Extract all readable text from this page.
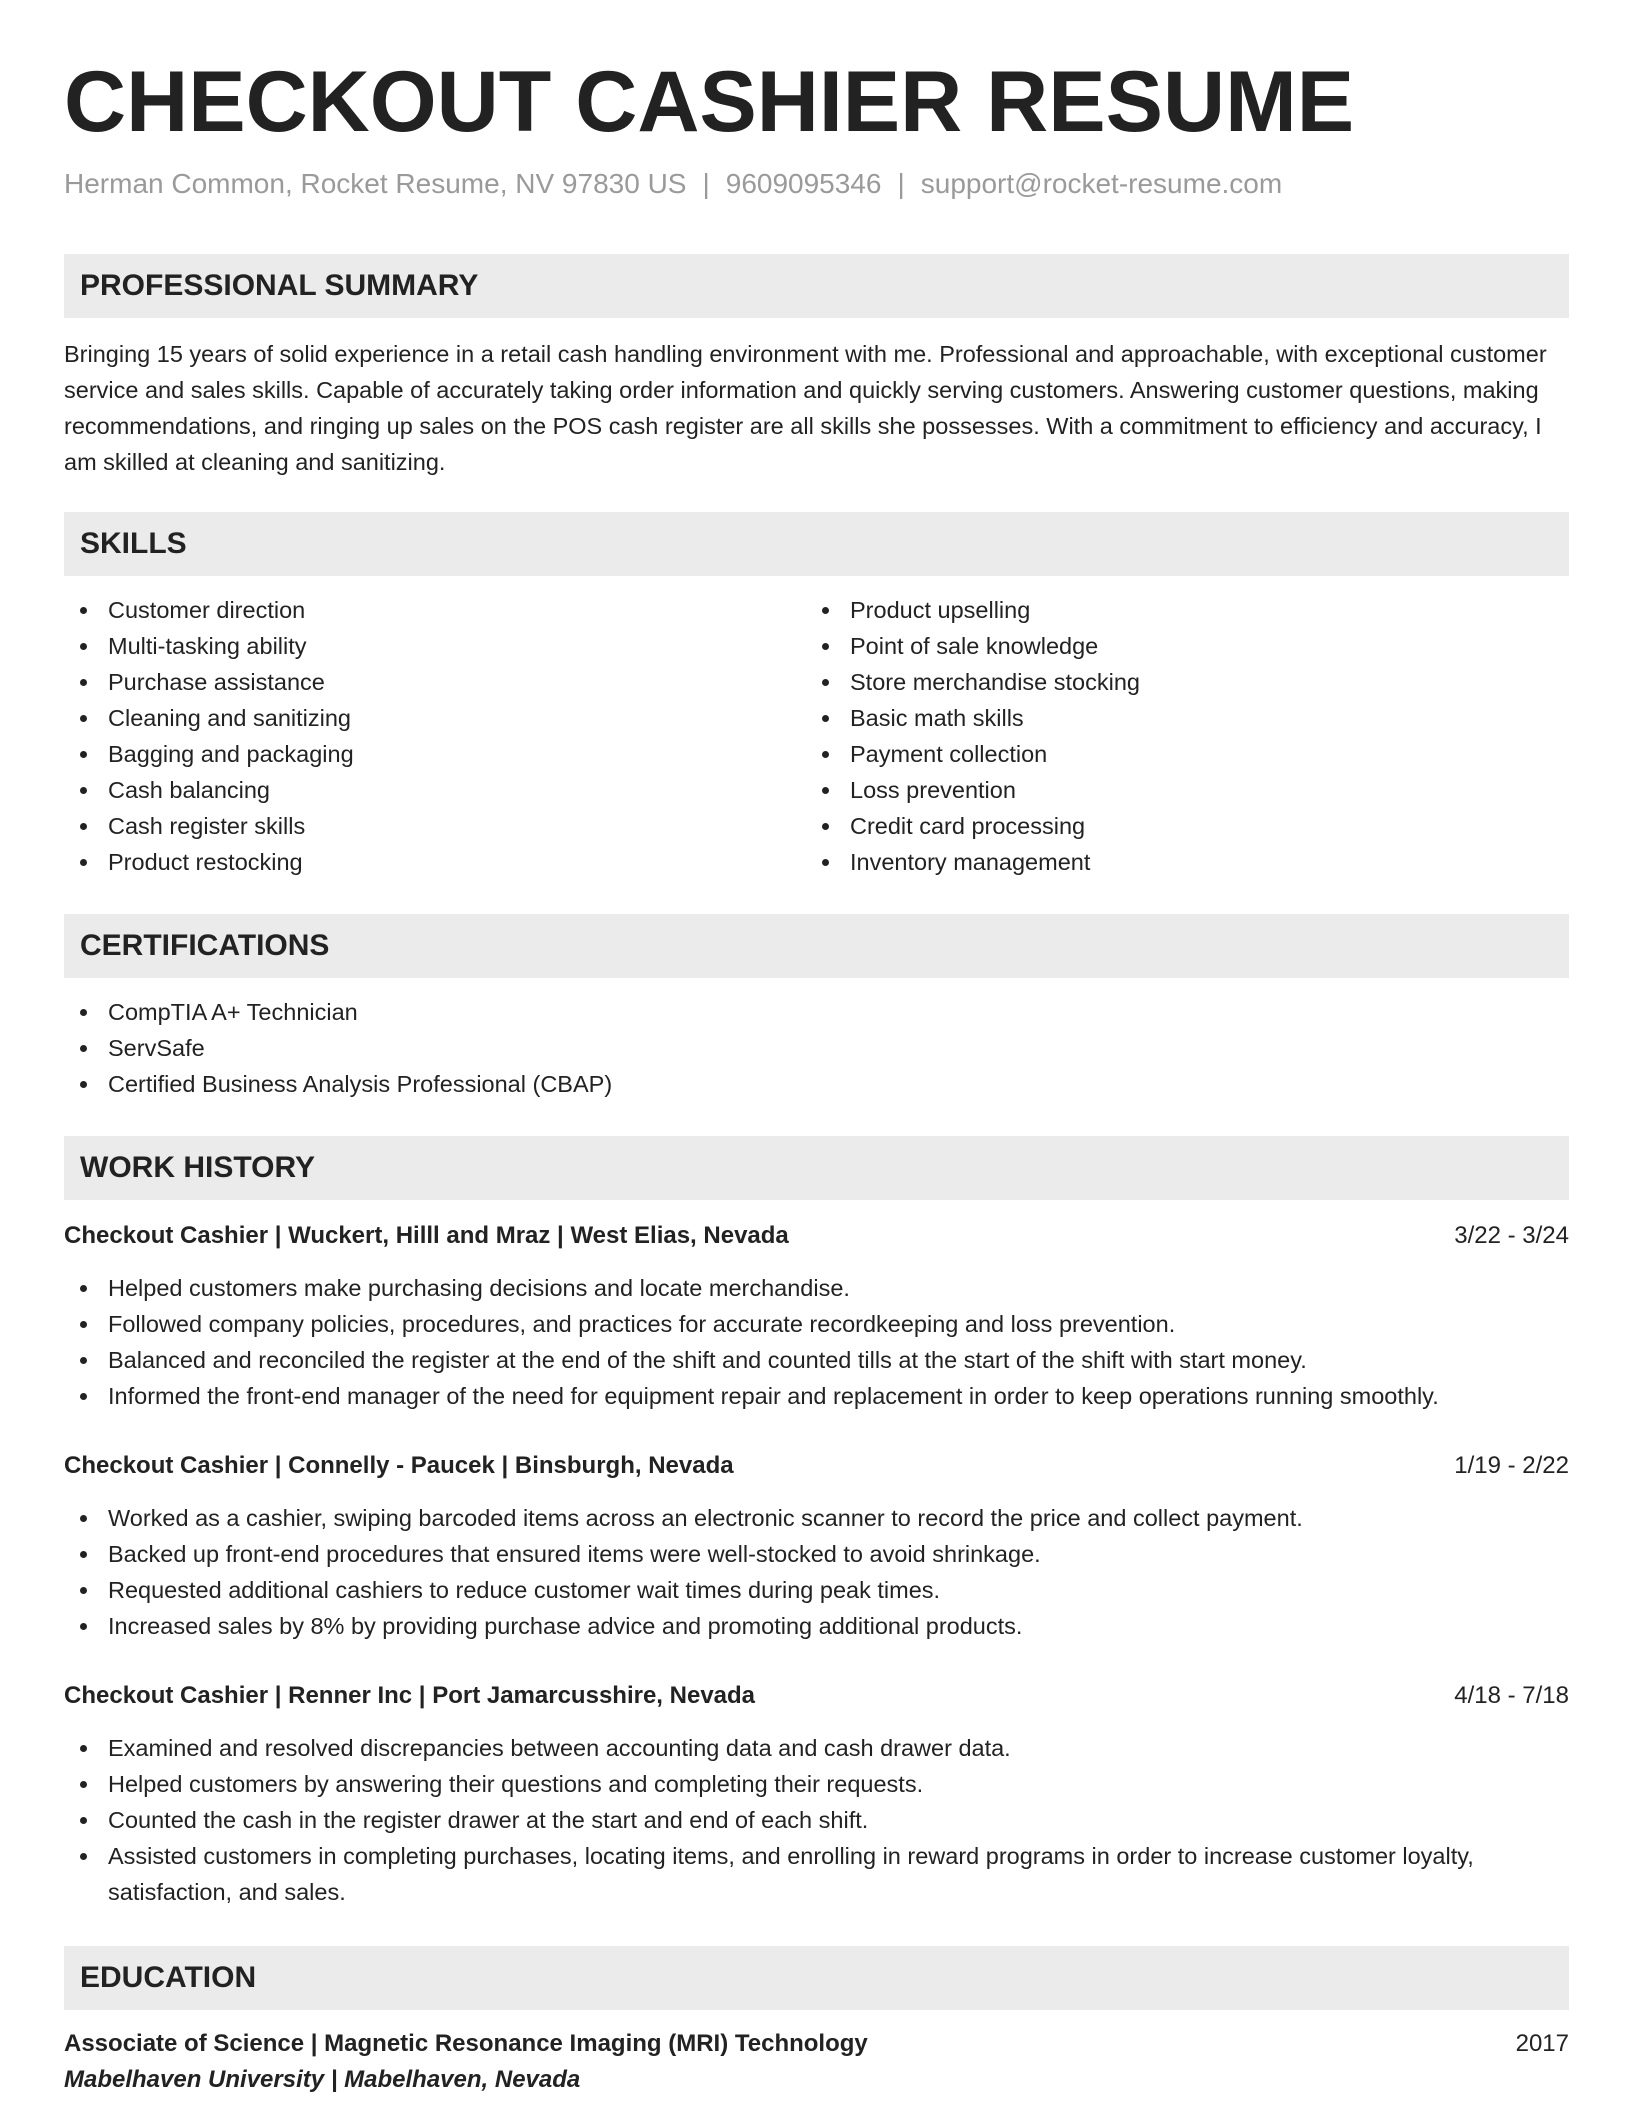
CHECKOUT CASHIER RESUME
Herman Common, Rocket Resume, NV 97830 US | 9609095346 | support@rocket-resume.com
PROFESSIONAL SUMMARY
Bringing 15 years of solid experience in a retail cash handling environment with me. Professional and approachable, with exceptional customer service and sales skills. Capable of accurately taking order information and quickly serving customers. Answering customer questions, making recommendations, and ringing up sales on the POS cash register are all skills she possesses. With a commitment to efficiency and accuracy, I am skilled at cleaning and sanitizing.
SKILLS
Customer direction
Multi-tasking ability
Purchase assistance
Cleaning and sanitizing
Bagging and packaging
Cash balancing
Cash register skills
Product restocking
Product upselling
Point of sale knowledge
Store merchandise stocking
Basic math skills
Payment collection
Loss prevention
Credit card processing
Inventory management
CERTIFICATIONS
CompTIA A+ Technician
ServSafe
Certified Business Analysis Professional (CBAP)
WORK HISTORY
Checkout Cashier | Wuckert, Hilll and Mraz | West Elias, Nevada	3/22 - 3/24
Helped customers make purchasing decisions and locate merchandise.
Followed company policies, procedures, and practices for accurate recordkeeping and loss prevention.
Balanced and reconciled the register at the end of the shift and counted tills at the start of the shift with start money.
Informed the front-end manager of the need for equipment repair and replacement in order to keep operations running smoothly.
Checkout Cashier | Connelly - Paucek | Binsburgh, Nevada	1/19 - 2/22
Worked as a cashier, swiping barcoded items across an electronic scanner to record the price and collect payment.
Backed up front-end procedures that ensured items were well-stocked to avoid shrinkage.
Requested additional cashiers to reduce customer wait times during peak times.
Increased sales by 8% by providing purchase advice and promoting additional products.
Checkout Cashier | Renner Inc | Port Jamarcusshire, Nevada	4/18 - 7/18
Examined and resolved discrepancies between accounting data and cash drawer data.
Helped customers by answering their questions and completing their requests.
Counted the cash in the register drawer at the start and end of each shift.
Assisted customers in completing purchases, locating items, and enrolling in reward programs in order to increase customer loyalty, satisfaction, and sales.
EDUCATION
Associate of Science | Magnetic Resonance Imaging (MRI) Technology	2017
Mabelhaven University | Mabelhaven, Nevada
